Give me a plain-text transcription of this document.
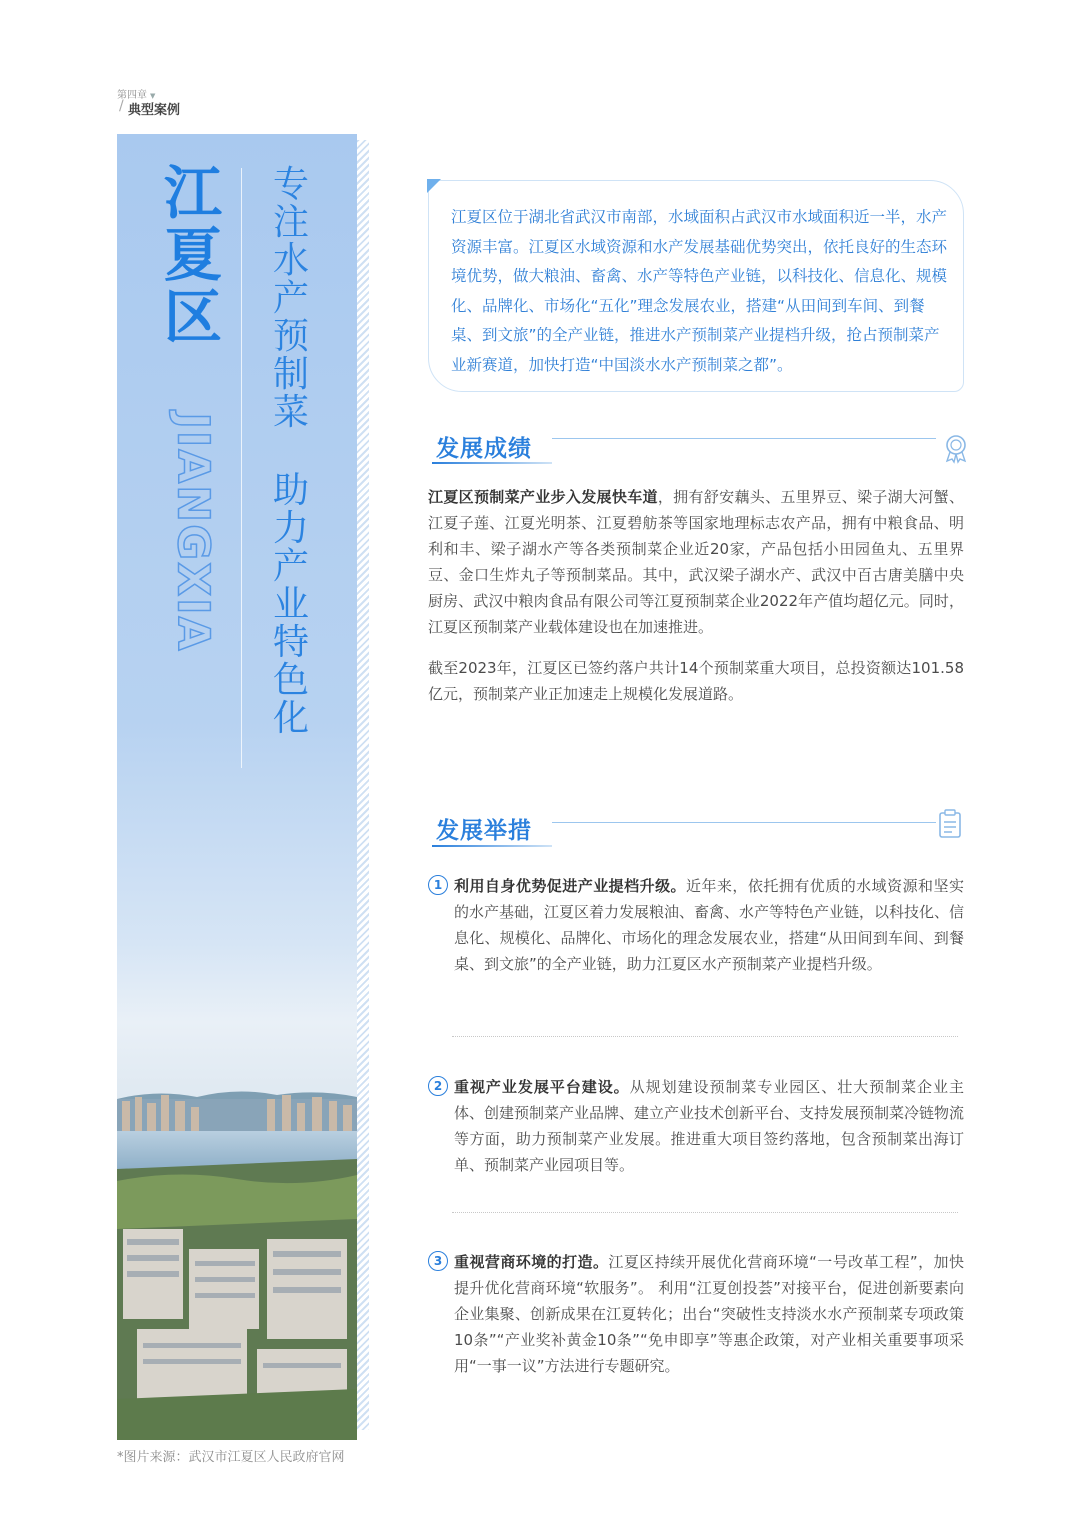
第四章 ▼
/ 典型案例
江夏区
JIANGXIA
专注水产预制菜
助力产业特色化
*图片来源：武汉市江夏区人民政府官网

江夏区位于湖北省武汉市南部，水域面积占武汉市水域面积近一半，水产资源丰富。江夏区水域资源和水产发展基础优势突出，依托良好的生态环境优势，做大粮油、畜禽、水产等特色产业链，以科技化、信息化、规模化、品牌化、市场化“五化”理念发展农业，搭建“从田间到车间、到餐桌、到文旅”的全产业链，推进水产预制菜产业提档升级，抢占预制菜产业新赛道，加快打造“中国淡水水产预制菜之都”。

发展成绩

江夏区预制菜产业步入发展快车道，拥有舒安藕头、五里界豆、梁子湖大河蟹、江夏子莲、江夏光明茶、江夏碧舫茶等国家地理标志农产品，拥有中粮食品、明利和丰、梁子湖水产等各类预制菜企业近20家，产品包括小田园鱼丸、五里界豆、金口生炸丸子等预制菜品。其中，武汉梁子湖水产、武汉中百古唐美膳中央厨房、武汉中粮肉食品有限公司等江夏预制菜企业2022年产值均超亿元。同时，江夏区预制菜产业载体建设也在加速推进。

截至2023年，江夏区已签约落户共计14个预制菜重大项目，总投资额达101.58亿元，预制菜产业正加速走上规模化发展道路。

发展举措
1 利用自身优势促进产业提档升级。近年来，依托拥有优质的水域资源和坚实的水产基础，江夏区着力发展粮油、畜禽、水产等特色产业链，以科技化、信息化、规模化、品牌化、市场化的理念发展农业，搭建“从田间到车间、到餐桌、到文旅”的全产业链，助力江夏区水产预制菜产业提档升级。

2 重视产业发展平台建设。从规划建设预制菜专业园区、壮大预制菜企业主体、创建预制菜产业品牌、建立产业技术创新平台、支持发展预制菜冷链物流等方面，助力预制菜产业发展。推进重大项目签约落地，包含预制菜出海订单、预制菜产业园项目等。

3 重视营商环境的打造。江夏区持续开展优化营商环境“一号改革工程”，加快提升优化营商环境“软服务”。 利用“江夏创投荟”对接平台，促进创新要素向企业集聚、创新成果在江夏转化；出台“突破性支持淡水水产预制菜专项政策10条”“产业奖补黄金10条”“免申即享”等惠企政策，对产业相关重要事项采用“一事一议”方法进行专题研究。
